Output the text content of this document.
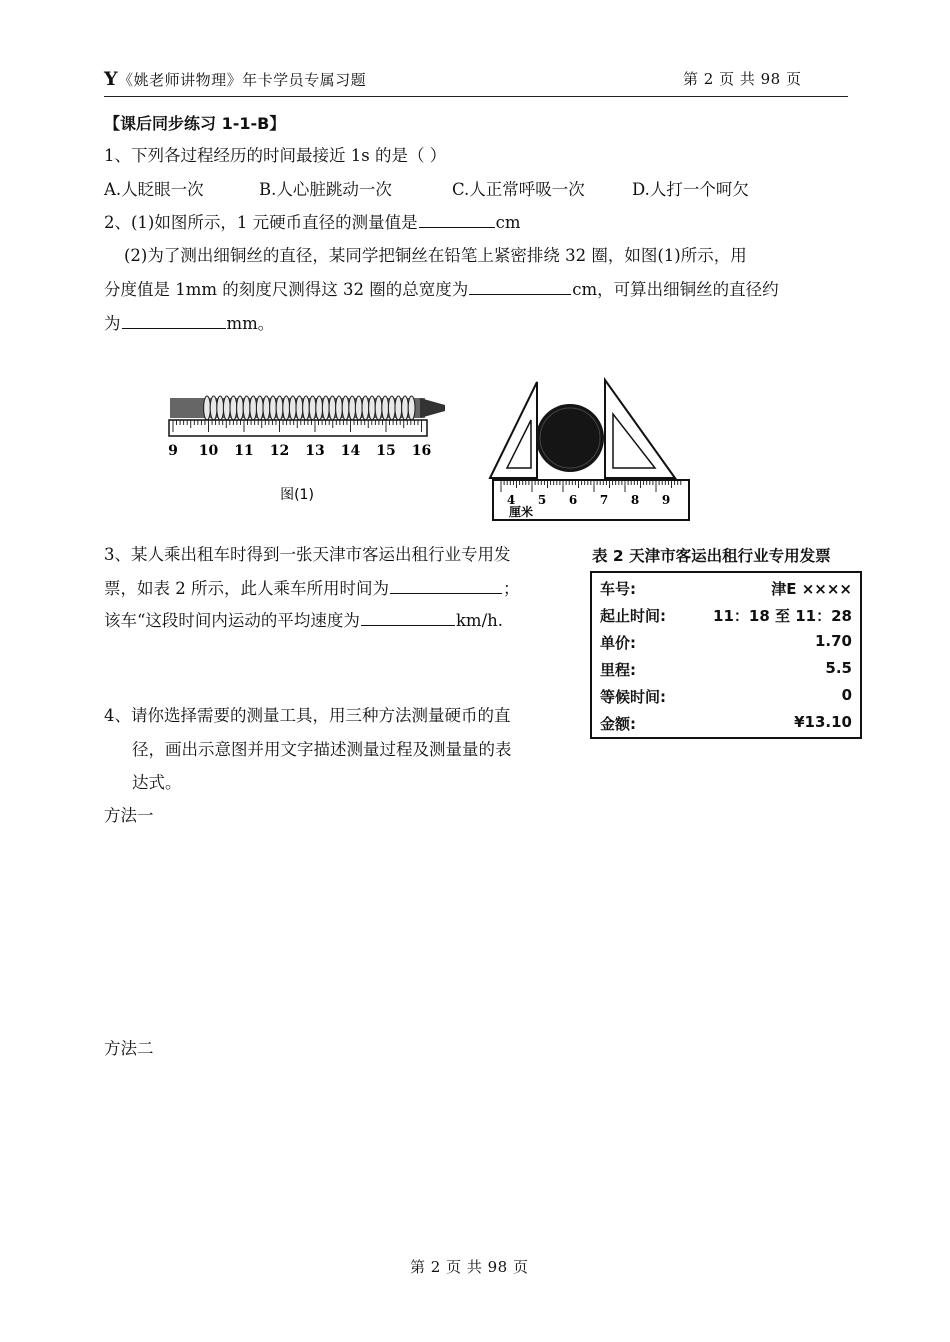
Y《姚老师讲物理》年卡学员专属习题	第 2 页 共 98 页
【课后同步练习 1-1-B】
1、下列各过程经历的时间最接近 1s 的是（ ）
A.人眨眼一次	B.人心脏跳动一次	C.人正常呼吸一次	D.人打一个呵欠
2、(1)如图所示，1 元硬币直径的测量值是	cm
(2)为了测出细铜丝的直径，某同学把铜丝在铅笔上紧密排绕 32 圈，如图(1)所示，用
分度值是 1mm 的刻度尺测得这 32 圈的总宽度为	cm，可算出细铜丝的直径约
为	mm。
9 10 11 12 13 14 15 16
图(1)	4 5 6 7 8 9
厘米
3、某人乘出租车时得到一张天津市客运出租行业专用发
票，如表 2 所示，此人乘车所用时间为	；
该车“这段时间内运动的平均速度为	km/h.
表 2 天津市客运出租行业专用发票
车号:	津E ××××
起止时间:	11：18 至 11：28
单价:	1.70
里程:	5.5
等候时间:	0
金额:	¥13.10
4、请你选择需要的测量工具，用三种方法测量硬币的直
径，画出示意图并用文字描述测量过程及测量量的表
达式。
方法一
方法二
第 2 页 共 98 页
